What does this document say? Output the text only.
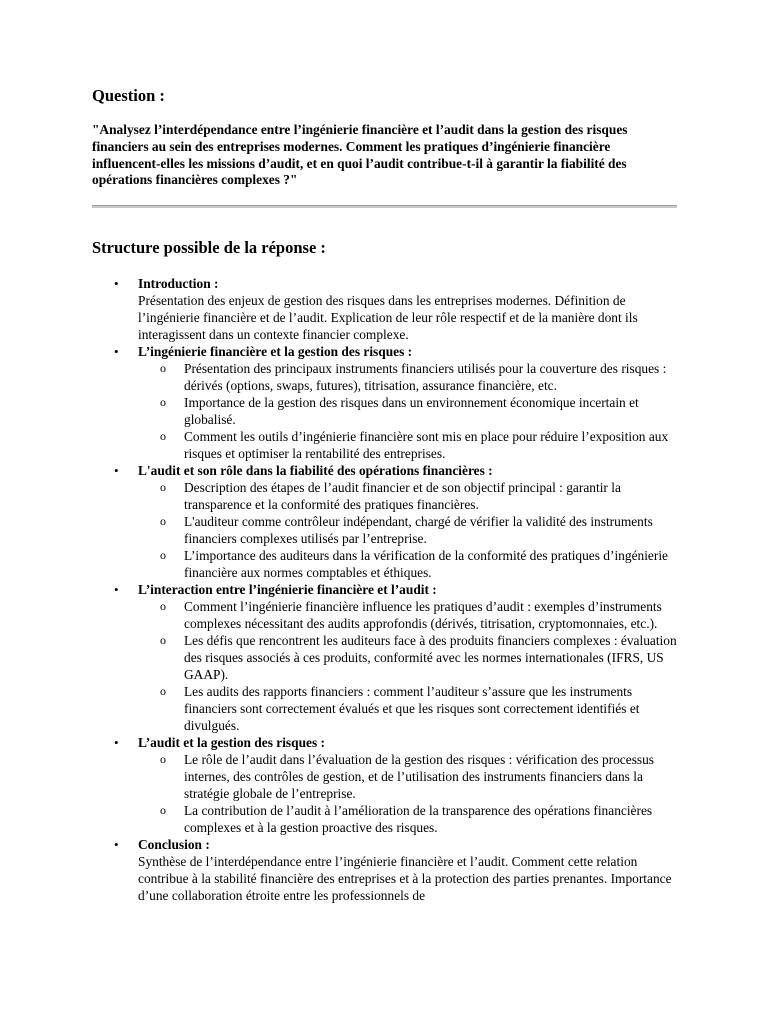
Question :

"Analysez l’interdépendance entre l’ingénierie financière et l’audit dans la gestion des risques financiers au sein des entreprises modernes. Comment les pratiques d’ingénierie financière influencent-elles les missions d’audit, et en quoi l’audit contribue-t-il à garantir la fiabilité des opérations financières complexes ?"

Structure possible de la réponse :
• Introduction :
Présentation des enjeux de gestion des risques dans les entreprises modernes. Définition de l’ingénierie financière et de l’audit. Explication de leur rôle respectif et de la manière dont ils interagissent dans un contexte financier complexe.
• L’ingénierie financière et la gestion des risques :
o Présentation des principaux instruments financiers utilisés pour la couverture des risques : dérivés (options, swaps, futures), titrisation, assurance financière, etc.
o Importance de la gestion des risques dans un environnement économique incertain et globalisé.
o Comment les outils d’ingénierie financière sont mis en place pour réduire l’exposition aux risques et optimiser la rentabilité des entreprises.
• L'audit et son rôle dans la fiabilité des opérations financières :
o Description des étapes de l’audit financier et de son objectif principal : garantir la transparence et la conformité des pratiques financières.
o L'auditeur comme contrôleur indépendant, chargé de vérifier la validité des instruments financiers complexes utilisés par l’entreprise.
o L’importance des auditeurs dans la vérification de la conformité des pratiques d’ingénierie financière aux normes comptables et éthiques.
• L’interaction entre l’ingénierie financière et l’audit :
o Comment l’ingénierie financière influence les pratiques d’audit : exemples d’instruments complexes nécessitant des audits approfondis (dérivés, titrisation, cryptomonnaies, etc.).
o Les défis que rencontrent les auditeurs face à des produits financiers complexes : évaluation des risques associés à ces produits, conformité avec les normes internationales (IFRS, US GAAP).
o Les audits des rapports financiers : comment l’auditeur s’assure que les instruments financiers sont correctement évalués et que les risques sont correctement identifiés et divulgués.
• L’audit et la gestion des risques :
o Le rôle de l’audit dans l’évaluation de la gestion des risques : vérification des processus internes, des contrôles de gestion, et de l’utilisation des instruments financiers dans la stratégie globale de l’entreprise.
o La contribution de l’audit à l’amélioration de la transparence des opérations financières complexes et à la gestion proactive des risques.
• Conclusion :
Synthèse de l’interdépendance entre l’ingénierie financière et l’audit. Comment cette relation contribue à la stabilité financière des entreprises et à la protection des parties prenantes. Importance d’une collaboration étroite entre les professionnels de
